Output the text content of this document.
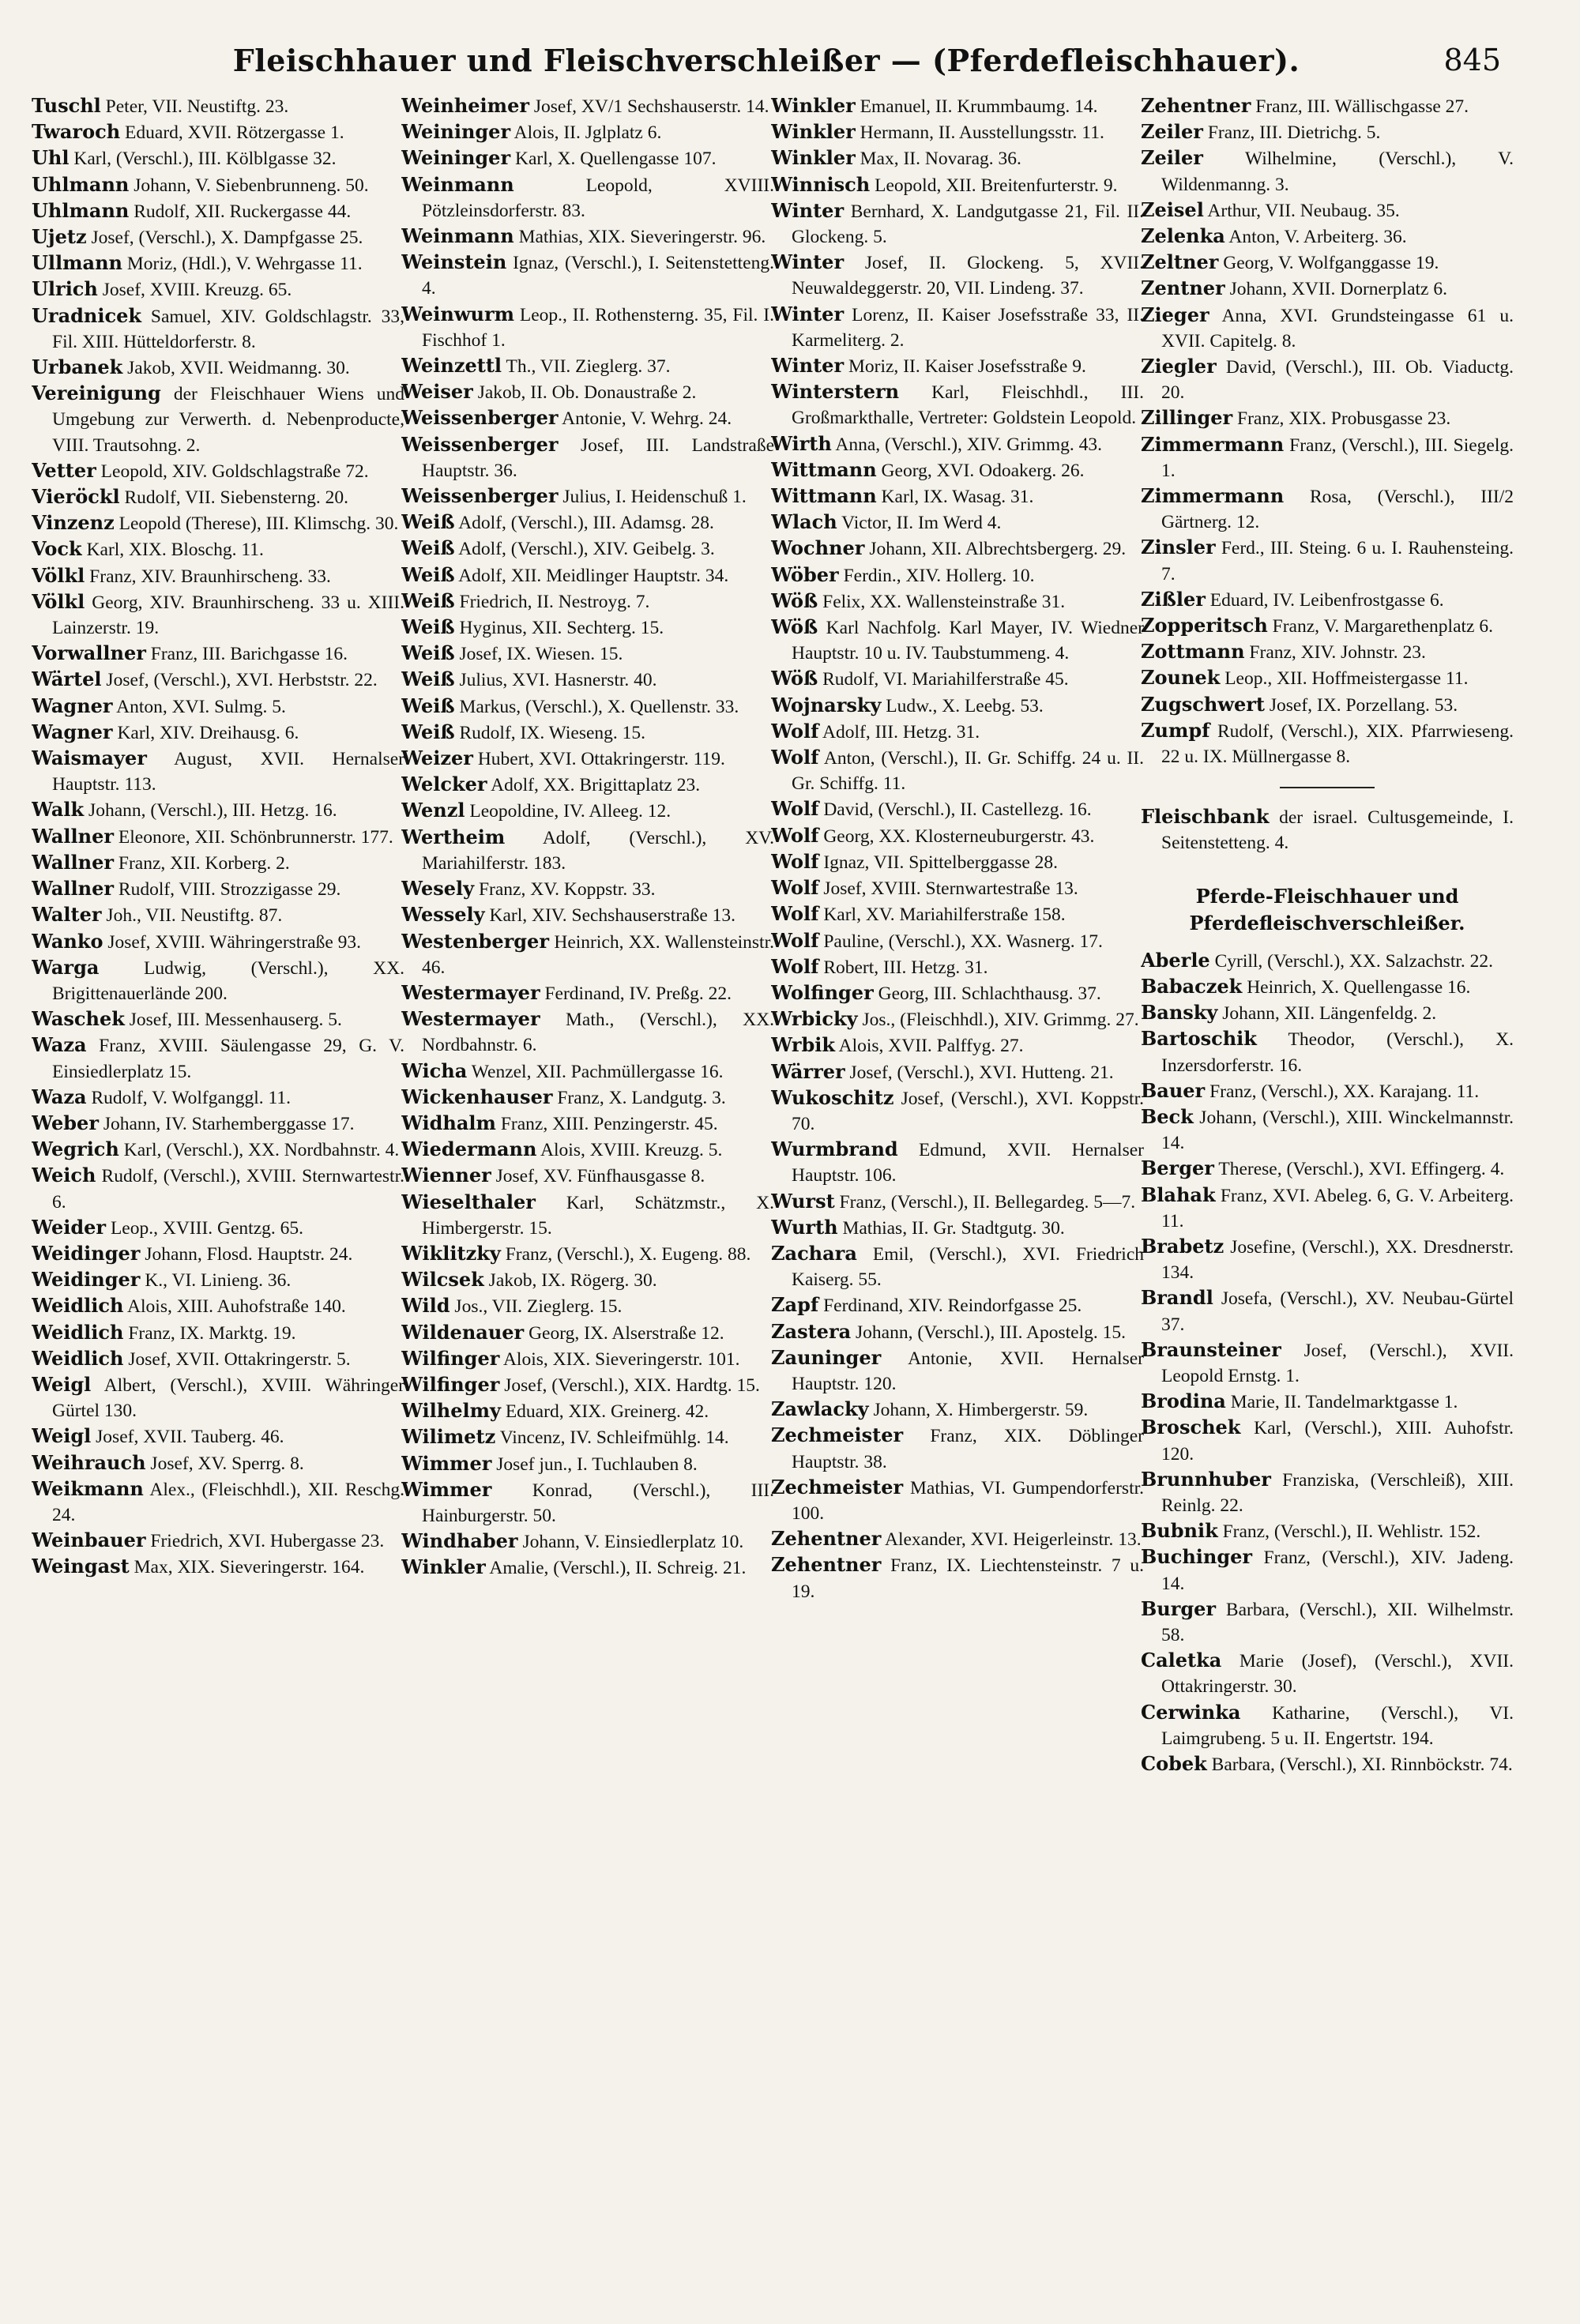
Fleischhauer und Fleischverschleißer — (Pferdefleischhauer).	845

Tuschl Peter, VII. Neustiftg. 23.

Twaroch Eduard, XVII. Rötzergasse 1.

Uhl Karl, (Verschl.), III. Kölblgasse 32.

Uhlmann Johann, V. Siebenbrunneng. 50.

Uhlmann Rudolf, XII. Ruckergasse 44.

Ujetz Josef, (Verschl.), X. Dampfgasse 25.

Ullmann Moriz, (Hdl.), V. Wehrgasse 11.

Ulrich Josef, XVIII. Kreuzg. 65.

Uradnicek Samuel, XIV. Goldschlagstr. 33, Fil. XIII. Hütteldorferstr. 8.

Urbanek Jakob, XVII. Weidmanng. 30.

Vereinigung der Fleischhauer Wiens und Umgebung zur Verwerth. d. Nebenproducte, VIII. Trautsohng. 2.

Vetter Leopold, XIV. Goldschlagstraße 72.

Vieröckl Rudolf, VII. Siebensterng. 20.

Vinzenz Leopold (Therese), III. Klimschg. 30.

Vock Karl, XIX. Bloschg. 11.

Völkl Franz, XIV. Braunhirscheng. 33.

Völkl Georg, XIV. Braunhirscheng. 33 u. XIII. Lainzerstr. 19.

Vorwallner Franz, III. Barichgasse 16.

Wärtel Josef, (Verschl.), XVI. Herbststr. 22.

Wagner Anton, XVI. Sulmg. 5.

Wagner Karl, XIV. Dreihausg. 6.

Waismayer August, XVII. Hernalser Hauptstr. 113.

Walk Johann, (Verschl.), III. Hetzg. 16.

Wallner Eleonore, XII. Schönbrunnerstr. 177.

Wallner Franz, XII. Korberg. 2.

Wallner Rudolf, VIII. Strozzigasse 29.

Walter Joh., VII. Neustiftg. 87.

Wanko Josef, XVIII. Währingerstraße 93.

Warga Ludwig, (Verschl.), XX. Brigittenauerlände 200.

Waschek Josef, III. Messenhauserg. 5.

Waza Franz, XVIII. Säulengasse 29, G. V. Einsiedlerplatz 15.

Waza Rudolf, V. Wolfganggl. 11.

Weber Johann, IV. Starhemberggasse 17.

Wegrich Karl, (Verschl.), XX. Nordbahnstr. 4.

Weich Rudolf, (Verschl.), XVIII. Sternwartestr. 6.

Weider Leop., XVIII. Gentzg. 65.

Weidinger Johann, Flosd. Hauptstr. 24.

Weidinger K., VI. Linieng. 36.

Weidlich Alois, XIII. Auhofstraße 140.

Weidlich Franz, IX. Marktg. 19.

Weidlich Josef, XVII. Ottakringerstr. 5.

Weigl Albert, (Verschl.), XVIII. Währinger Gürtel 130.

Weigl Josef, XVII. Tauberg. 46.

Weihrauch Josef, XV. Sperrg. 8.

Weikmann Alex., (Fleischhdl.), XII. Reschg. 24.

Weinbauer Friedrich, XVI. Hubergasse 23.

Weingast Max, XIX. Sieveringerstr. 164.

Weinheimer Josef, XV/1 Sechshauserstr. 14.

Weininger Alois, II. Jglplatz 6.

Weininger Karl, X. Quellengasse 107.

Weinmann Leopold, XVIII. Pötzleinsdorferstr. 83.

Weinmann Mathias, XIX. Sieveringerstr. 96.

Weinstein Ignaz, (Verschl.), I. Seitenstetteng. 4.

Weinwurm Leop., II. Rothensterng. 35, Fil. I. Fischhof 1.

Weinzettl Th., VII. Zieglerg. 37.

Weiser Jakob, II. Ob. Donaustraße 2.

Weissenberger Antonie, V. Wehrg. 24.

Weissenberger Josef, III. Landstraße Hauptstr. 36.

Weissenberger Julius, I. Heidenschuß 1.

Weiß Adolf, (Verschl.), III. Adamsg. 28.

Weiß Adolf, (Verschl.), XIV. Geibelg. 3.

Weiß Adolf, XII. Meidlinger Hauptstr. 34.

Weiß Friedrich, II. Nestroyg. 7.

Weiß Hyginus, XII. Sechterg. 15.

Weiß Josef, IX. Wiesen. 15.

Weiß Julius, XVI. Hasnerstr. 40.

Weiß Markus, (Verschl.), X. Quellenstr. 33.

Weiß Rudolf, IX. Wieseng. 15.

Weizer Hubert, XVI. Ottakringerstr. 119.

Welcker Adolf, XX. Brigittaplatz 23.

Wenzl Leopoldine, IV. Alleeg. 12.

Wertheim Adolf, (Verschl.), XV. Mariahilferstr. 183.

Wesely Franz, XV. Koppstr. 33.

Wessely Karl, XIV. Sechshauserstraße 13.

Westenberger Heinrich, XX. Wallensteinstr. 46.

Westermayer Ferdinand, IV. Preßg. 22.

Westermayer Math., (Verschl.), XX. Nordbahnstr. 6.

Wicha Wenzel, XII. Pachmüllergasse 16.

Wickenhauser Franz, X. Landgutg. 3.

Widhalm Franz, XIII. Penzingerstr. 45.

Wiedermann Alois, XVIII. Kreuzg. 5.

Wienner Josef, XV. Fünfhausgasse 8.

Wieselthaler Karl, Schätzmstr., X. Himbergerstr. 15.

Wiklitzky Franz, (Verschl.), X. Eugeng. 88.

Wilcsek Jakob, IX. Rögerg. 30.

Wild Jos., VII. Zieglerg. 15.

Wildenauer Georg, IX. Alserstraße 12.

Wilfinger Alois, XIX. Sieveringerstr. 101.

Wilfinger Josef, (Verschl.), XIX. Hardtg. 15.

Wilhelmy Eduard, XIX. Greinerg. 42.

Wilimetz Vincenz, IV. Schleifmühlg. 14.

Wimmer Josef jun., I. Tuchlauben 8.

Wimmer Konrad, (Verschl.), III. Hainburgerstr. 50.

Windhaber Johann, V. Einsiedlerplatz 10.

Winkler Amalie, (Verschl.), II. Schreig. 21.

Winkler Emanuel, II. Krummbaumg. 14.

Winkler Hermann, II. Ausstellungsstr. 11.

Winkler Max, II. Novarag. 36.

Winnisch Leopold, XII. Breitenfurterstr. 9.

Winter Bernhard, X. Landgutgasse 21, Fil. II. Glockeng. 5.

Winter Josef, II. Glockeng. 5, XVII. Neuwaldeggerstr. 20, VII. Lindeng. 37.

Winter Lorenz, II. Kaiser Josefsstraße 33, II. Karmeliterg. 2.

Winter Moriz, II. Kaiser Josefsstraße 9.

Winterstern Karl, Fleischhdl., III. Großmarkthalle, Vertreter: Goldstein Leopold.

Wirth Anna, (Verschl.), XIV. Grimmg. 43.

Wittmann Georg, XVI. Odoakerg. 26.

Wittmann Karl, IX. Wasag. 31.

Wlach Victor, II. Im Werd 4.

Wochner Johann, XII. Albrechtsbergerg. 29.

Wöber Ferdin., XIV. Hollerg. 10.

Wöß Felix, XX. Wallensteinstraße 31.

Wöß Karl Nachfolg. Karl Mayer, IV. Wiedner Hauptstr. 10 u. IV. Taubstummeng. 4.

Wöß Rudolf, VI. Mariahilferstraße 45.

Wojnarsky Ludw., X. Leebg. 53.

Wolf Adolf, III. Hetzg. 31.

Wolf Anton, (Verschl.), II. Gr. Schiffg. 24 u. II. Gr. Schiffg. 11.

Wolf David, (Verschl.), II. Castellezg. 16.

Wolf Georg, XX. Klosterneuburgerstr. 43.

Wolf Ignaz, VII. Spittelberggasse 28.

Wolf Josef, XVIII. Sternwartestraße 13.

Wolf Karl, XV. Mariahilferstraße 158.

Wolf Pauline, (Verschl.), XX. Wasnerg. 17.

Wolf Robert, III. Hetzg. 31.

Wolfinger Georg, III. Schlachthausg. 37.

Wrbicky Jos., (Fleischhdl.), XIV. Grimmg. 27.

Wrbik Alois, XVII. Palffyg. 27.

Wärrer Josef, (Verschl.), XVI. Hutteng. 21.

Wukoschitz Josef, (Verschl.), XVI. Koppstr. 70.

Wurmbrand Edmund, XVII. Hernalser Hauptstr. 106.

Wurst Franz, (Verschl.), II. Bellegardeg. 5—7.

Wurth Mathias, II. Gr. Stadtgutg. 30.

Zachara Emil, (Verschl.), XVI. Friedrich Kaiserg. 55.

Zapf Ferdinand, XIV. Reindorfgasse 25.

Zastera Johann, (Verschl.), III. Apostelg. 15.

Zauninger Antonie, XVII. Hernalser Hauptstr. 120.

Zawlacky Johann, X. Himbergerstr. 59.

Zechmeister Franz, XIX. Döblinger Hauptstr. 38.

Zechmeister Mathias, VI. Gumpendorferstr. 100.

Zehentner Alexander, XVI. Heigerleinstr. 13.

Zehentner Franz, IX. Liechtensteinstr. 7 u. 19.

Zehentner Franz, III. Wällischgasse 27.

Zeiler Franz, III. Dietrichg. 5.

Zeiler Wilhelmine, (Verschl.), V. Wildenmanng. 3.

Zeisel Arthur, VII. Neubaug. 35.

Zelenka Anton, V. Arbeiterg. 36.

Zeltner Georg, V. Wolfganggasse 19.

Zentner Johann, XVII. Dornerplatz 6.

Zieger Anna, XVI. Grundsteingasse 61 u. XVII. Capitelg. 8.

Ziegler David, (Verschl.), III. Ob. Viaductg. 20.

Zillinger Franz, XIX. Probusgasse 23.

Zimmermann Franz, (Verschl.), III. Siegelg. 1.

Zimmermann Rosa, (Verschl.), III/2 Gärtnerg. 12.

Zinsler Ferd., III. Steing. 6 u. I. Rauhensteing. 7.

Zißler Eduard, IV. Leibenfrostgasse 6.

Zopperitsch Franz, V. Margarethenplatz 6.

Zottmann Franz, XIV. Johnstr. 23.

Zounek Leop., XII. Hoffmeistergasse 11.

Zugschwert Josef, IX. Porzellang. 53.

Zumpf Rudolf, (Verschl.), XIX. Pfarrwieseng. 22 u. IX. Müllnergasse 8.

Fleischbank der israel. Cultusgemeinde, I. Seitenstetteng. 4.

Pferde-Fleischhauer und Pferdefleischverschleißer.

Aberle Cyrill, (Verschl.), XX. Salzachstr. 22.

Babaczek Heinrich, X. Quellengasse 16.

Bansky Johann, XII. Längenfeldg. 2.

Bartoschik Theodor, (Verschl.), X. Inzersdorferstr. 16.

Bauer Franz, (Verschl.), XX. Karajang. 11.

Beck Johann, (Verschl.), XIII. Winckelmannstr. 14.

Berger Therese, (Verschl.), XVI. Effingerg. 4.

Blahak Franz, XVI. Abeleg. 6, G. V. Arbeiterg. 11.

Brabetz Josefine, (Verschl.), XX. Dresdnerstr. 134.

Brandl Josefa, (Verschl.), XV. Neubau-Gürtel 37.

Braunsteiner Josef, (Verschl.), XVII. Leopold Ernstg. 1.

Brodina Marie, II. Tandelmarktgasse 1.

Broschek Karl, (Verschl.), XIII. Auhofstr. 120.

Brunnhuber Franziska, (Verschleiß), XIII. Reinlg. 22.

Bubnik Franz, (Verschl.), II. Wehlistr. 152.

Buchinger Franz, (Verschl.), XIV. Jadeng. 14.

Burger Barbara, (Verschl.), XII. Wilhelmstr. 58.

Caletka Marie (Josef), (Verschl.), XVII. Ottakringerstr. 30.

Cerwinka Katharine, (Verschl.), VI. Laimgrubeng. 5 u. II. Engertstr. 194.

Cobek Barbara, (Verschl.), XI. Rinnböckstr. 74.
